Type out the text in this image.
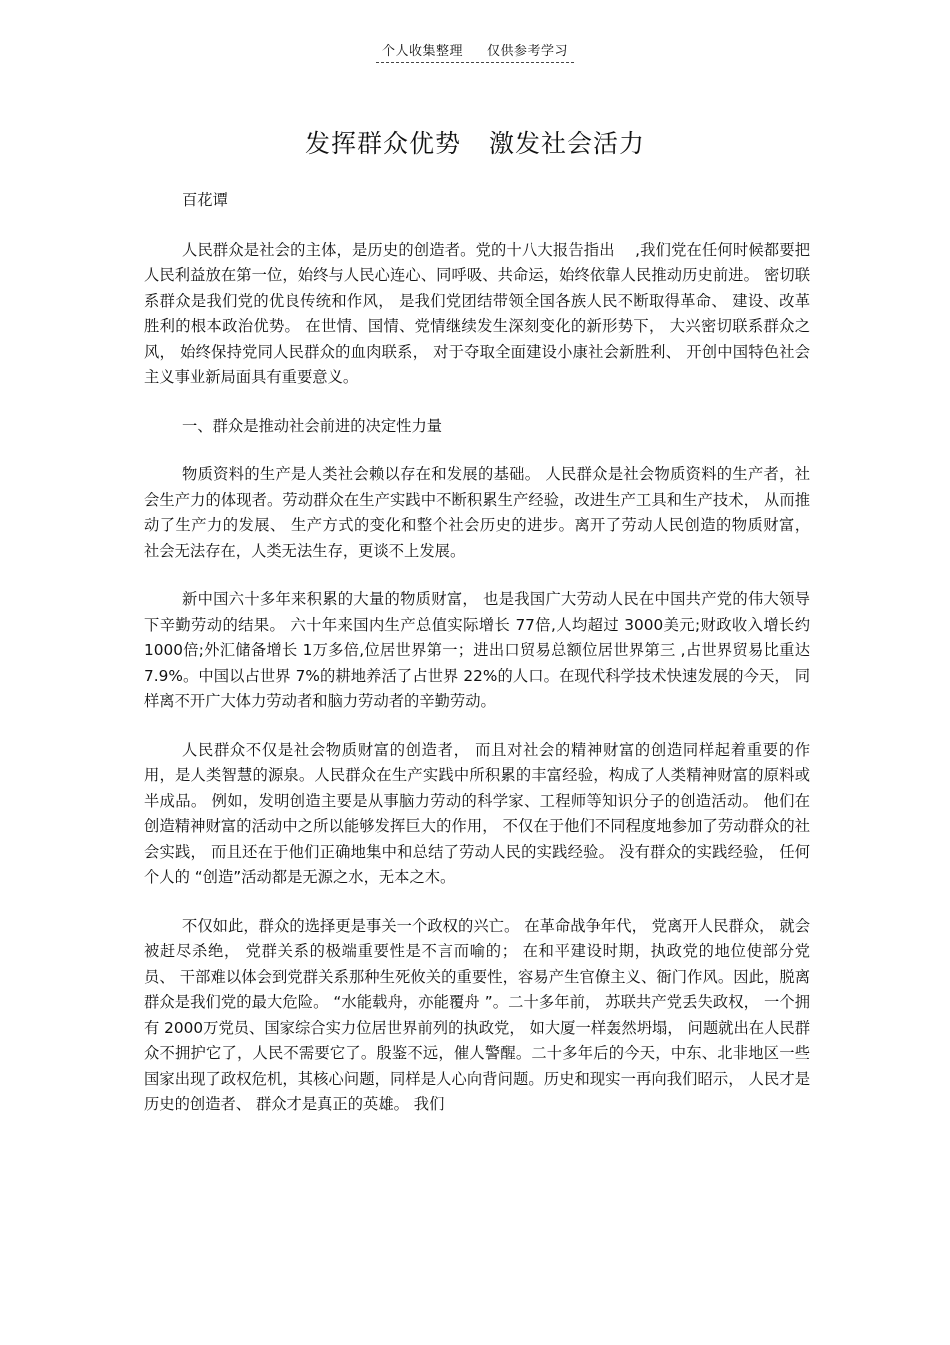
个人收集整理 仅供参考学习
发挥群众优势 激发社会活力

百花谭

人民群众是社会的主体，是历史的创造者。党的十八大报告指出　 ,我们党在任何时候都要把人民利益放在第一位，始终与人民心连心、同呼吸、共命运，始终依靠人民推动历史前进。 密切联系群众是我们党的优良传统和作风， 是我们党团结带领全国各族人民不断取得革命、 建设、改革胜利的根本政治优势。 在世情、国情、党情继续发生深刻变化的新形势下， 大兴密切联系群众之风， 始终保持党同人民群众的血肉联系， 对于夺取全面建设小康社会新胜利、 开创中国特色社会主义事业新局面具有重要意义。

一、群众是推动社会前进的决定性力量

物质资料的生产是人类社会赖以存在和发展的基础。 人民群众是社会物质资料的生产者，社会生产力的体现者。劳动群众在生产实践中不断积累生产经验，改进生产工具和生产技术， 从而推动了生产力的发展、 生产方式的变化和整个社会历史的进步。离开了劳动人民创造的物质财富， 社会无法存在，人类无法生存，更谈不上发展。

新中国六十多年来积累的大量的物质财富， 也是我国广大劳动人民在中国共产党的伟大领导下辛勤劳动的结果。 六十年来国内生产总值实际增长 77倍,人均超过 3000美元;财政收入增长约 1000倍;外汇储备增长 1万多倍,位居世界第一；进出口贸易总额位居世界第三 ,占世界贸易比重达 7.9%。中国以占世界 7%的耕地养活了占世界 22%的人口。在现代科学技术快速发展的今天， 同样离不开广大体力劳动者和脑力劳动者的辛勤劳动。

人民群众不仅是社会物质财富的创造者， 而且对社会的精神财富的创造同样起着重要的作用，是人类智慧的源泉。人民群众在生产实践中所积累的丰富经验，构成了人类精神财富的原料或半成品。 例如，发明创造主要是从事脑力劳动的科学家、工程师等知识分子的创造活动。 他们在创造精神财富的活动中之所以能够发挥巨大的作用， 不仅在于他们不同程度地参加了劳动群众的社会实践， 而且还在于他们正确地集中和总结了劳动人民的实践经验。 没有群众的实践经验， 任何个人的 “创造”活动都是无源之水，无本之木。

不仅如此，群众的选择更是事关一个政权的兴亡。 在革命战争年代， 党离开人民群众， 就会被赶尽杀绝， 党群关系的极端重要性是不言而喻的； 在和平建设时期，执政党的地位使部分党员、 干部难以体会到党群关系那种生死攸关的重要性，容易产生官僚主义、衙门作风。因此，脱离群众是我们党的最大危险。 “水能载舟，亦能覆舟 ”。二十多年前， 苏联共产党丢失政权， 一个拥有 2000万党员、国家综合实力位居世界前列的执政党， 如大厦一样轰然坍塌， 问题就出在人民群众不拥护它了，人民不需要它了。殷鉴不远，催人警醒。二十多年后的今天，中东、北非地区一些国家出现了政权危机，其核心问题，同样是人心向背问题。历史和现实一再向我们昭示， 人民才是历史的创造者、 群众才是真正的英雄。 我们
